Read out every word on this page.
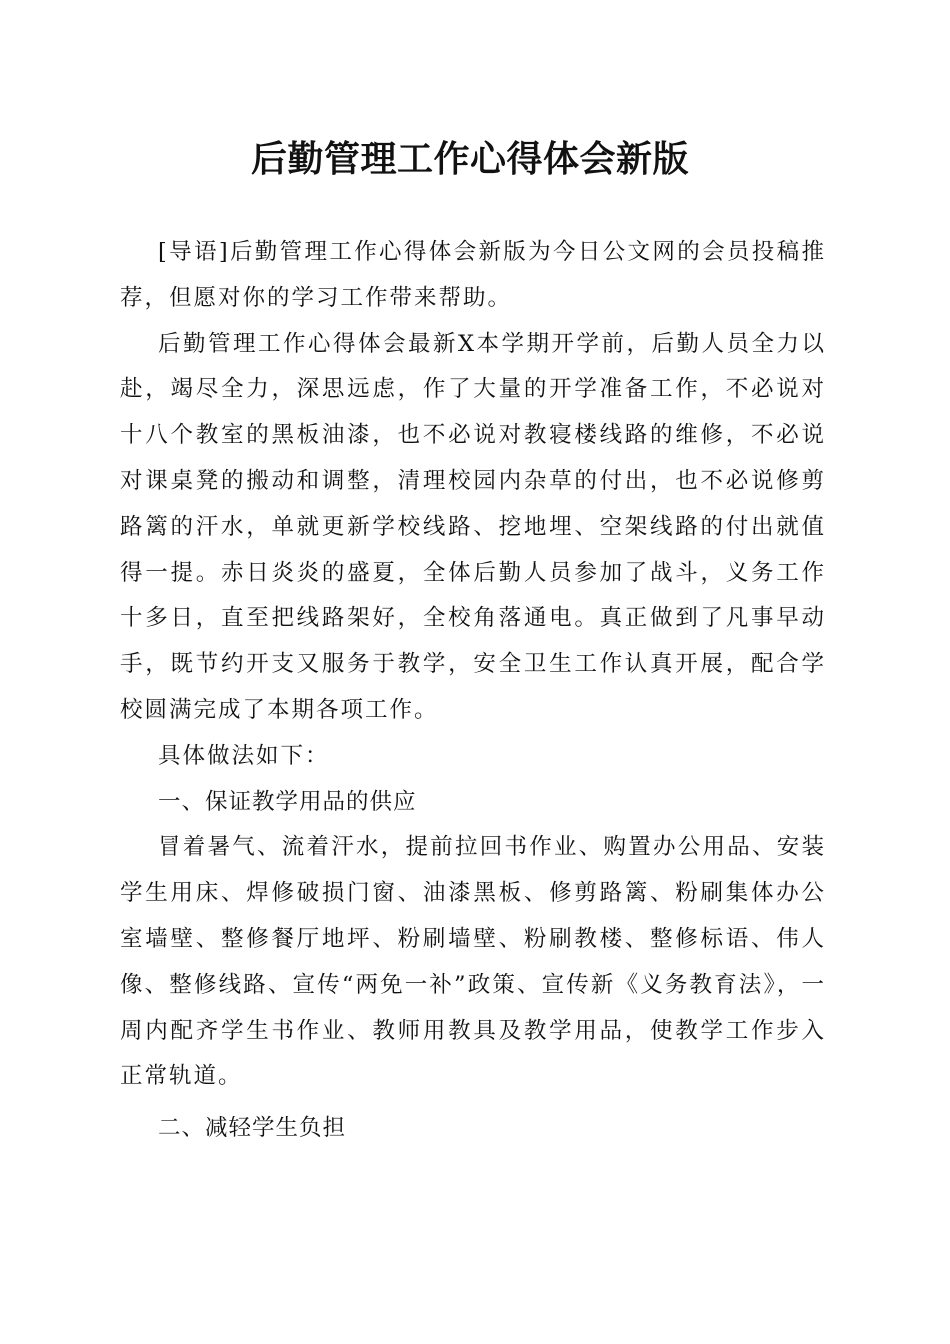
后勤管理工作心得体会新版

[导语]后勤管理工作心得体会新版为今日公文网的会员投稿推荐，但愿对你的学习工作带来帮助。

后勤管理工作心得体会最新X本学期开学前，后勤人员全力以赴，竭尽全力，深思远虑，作了大量的开学准备工作，不必说对十八个教室的黑板油漆，也不必说对教寝楼线路的维修，不必说对课桌凳的搬动和调整，清理校园内杂草的付出，也不必说修剪路篱的汗水，单就更新学校线路、挖地埋、空架线路的付出就值得一提。赤日炎炎的盛夏，全体后勤人员参加了战斗，义务工作十多日，直至把线路架好，全校角落通电。真正做到了凡事早动手，既节约开支又服务于教学，安全卫生工作认真开展，配合学校圆满完成了本期各项工作。

具体做法如下：

一、保证教学用品的供应

冒着暑气、流着汗水，提前拉回书作业、购置办公用品、安装学生用床、焊修破损门窗、油漆黑板、修剪路篱、粉刷集体办公室墙壁、整修餐厅地坪、粉刷墙壁、粉刷教楼、整修标语、伟人像、整修线路、宣传“两免一补”政策、宣传新《义务教育法》，一周内配齐学生书作业、教师用教具及教学用品，使教学工作步入正常轨道。

二、减轻学生负担
